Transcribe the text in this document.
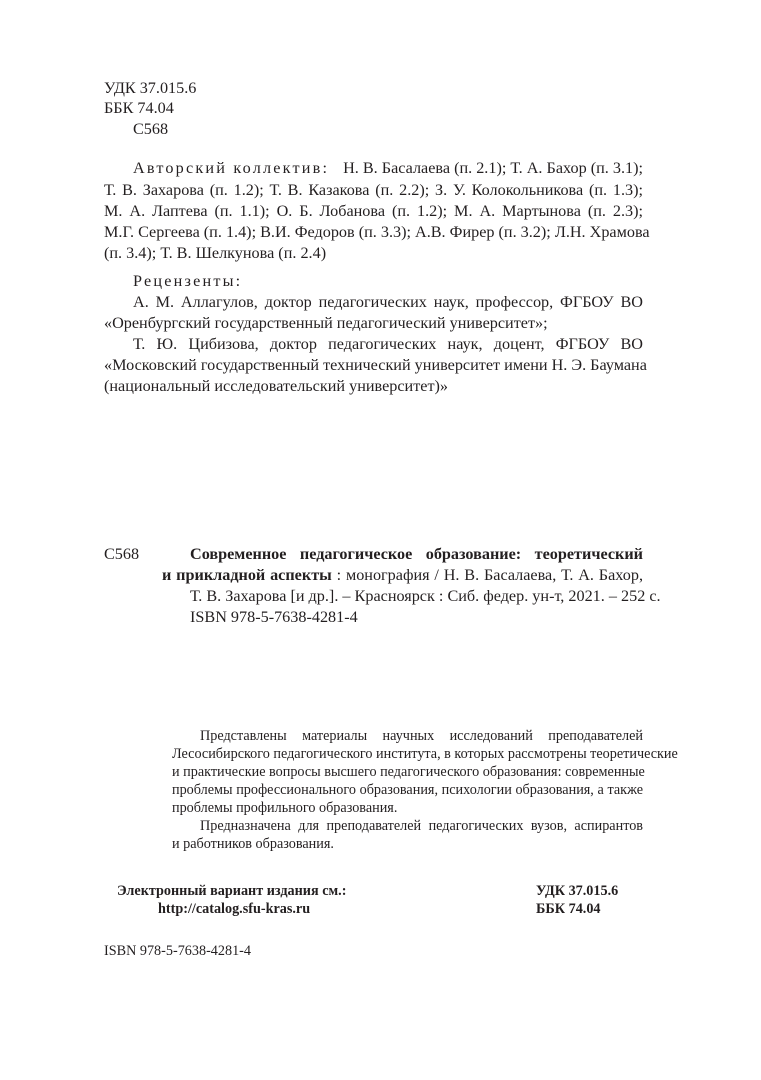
УДК 37.015.6
ББК 74.04
С568
Авторский коллектив: Н. В. Басалаева (п. 2.1); Т. А. Бахор (п. 3.1);
Т. В. Захарова (п. 1.2); Т. В. Казакова (п. 2.2); З. У. Колокольникова (п. 1.3);
М. А. Лаптева (п. 1.1); О. Б. Лобанова (п. 1.2); М. А. Мартынова (п. 2.3);
М.Г. Сергеева (п. 1.4); В.И. Федоров (п. 3.3); А.В. Фирер (п. 3.2); Л.Н. Храмова
(п. 3.4); Т. В. Шелкунова (п. 2.4)
Рецензенты:
А. М. Аллагулов, доктор педагогических наук, профессор, ФГБОУ ВО
«Оренбургский государственный педагогический университет»;
Т. Ю. Цибизова, доктор педагогических наук, доцент, ФГБОУ ВО
«Московский государственный технический университет имени Н. Э. Баумана
(национальный исследовательский университет)»
С568	Современное педагогическое образование: теоретический
и прикладной аспекты : монография / Н. В. Басалаева, Т. А. Бахор,
Т. В. Захарова [и др.]. – Красноярск : Сиб. федер. ун-т, 2021. – 252 с.
ISBN 978-5-7638-4281-4
Представлены материалы научных исследований преподавателей
Лесосибирского педагогического института, в которых рассмотрены теоретические
и практические вопросы высшего педагогического образования: современные
проблемы профессионального образования, психологии образования, а также
проблемы профильного образования.
Предназначена для преподавателей педагогических вузов, аспирантов
и работников образования.
Электронный вариант издания см.:
http://catalog.sfu-kras.ru
УДК 37.015.6
ББК 74.04
ISBN 978-5-7638-4281-4
